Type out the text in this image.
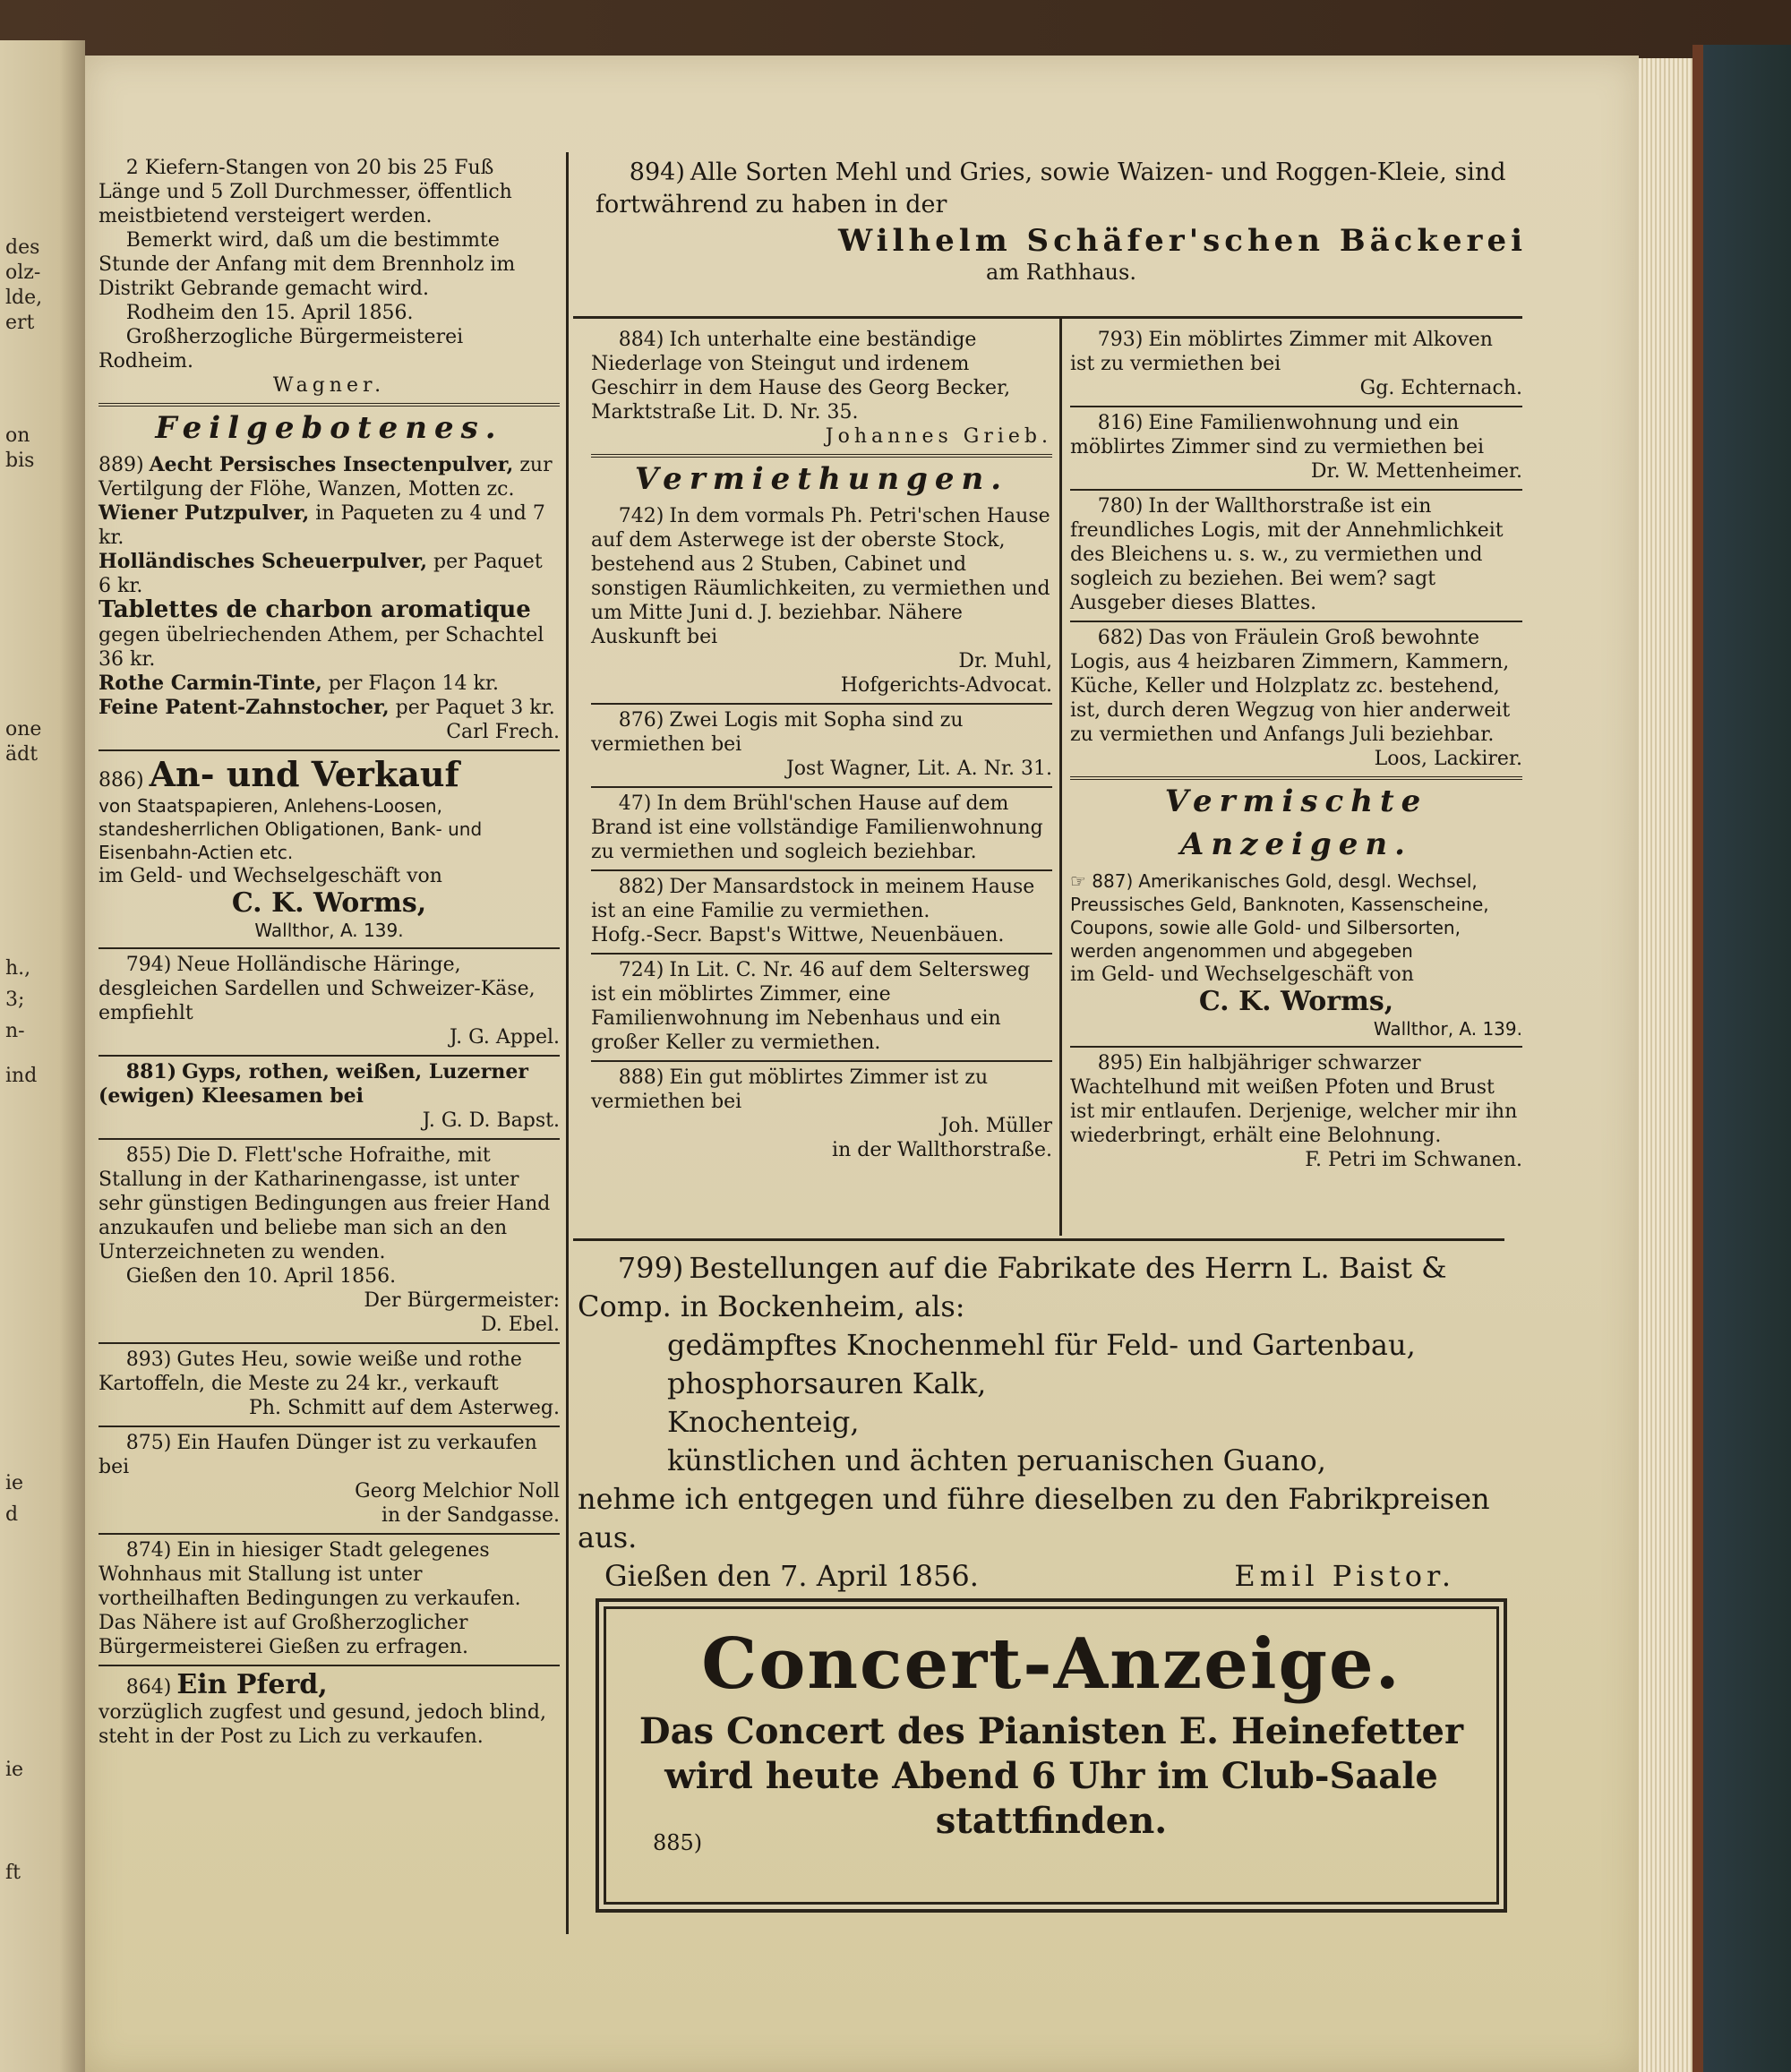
des
olz-
lde,
ert
on
bis
one
ädt
h.,
3;
n-
ind
ie
d
ie
ft

2 Kiefern-Stangen von 20 bis 25 Fuß Länge und 5 Zoll Durchmesser, öffentlich meistbietend versteigert werden.

Bemerkt wird, daß um die bestimmte Stunde der Anfang mit dem Brennholz im Distrikt Gebrande gemacht wird.

Rodheim den 15. April 1856.

Großherzogliche Bürgermeisterei Rodheim.

Wagner.

Feilgebotenes.

889) Aecht Persisches Insectenpulver, zur Vertilgung der Flöhe, Wanzen, Motten zc.

Wiener Putzpulver, in Paqueten zu 4 und 7 kr.

Holländisches Scheuerpulver, per Paquet 6 kr.

Tablettes de charbon aromatique gegen übelriechenden Athem, per Schachtel 36 kr.

Rothe Carmin-Tinte, per Flaçon 14 kr.

Feine Patent-Zahnstocher, per Paquet 3 kr.

Carl Frech.

886) An- und Verkauf

von Staatspapieren, Anlehens-Loosen, standesherrlichen Obligationen, Bank- und Eisenbahn-Actien etc.

im Geld- und Wechselgeschäft von

C. K. Worms,

Wallthor, A. 139.

794) Neue Holländische Häringe, desgleichen Sardellen und Schweizer-Käse, empfiehlt

J. G. Appel.

881) Gyps, rothen, weißen, Luzerner (ewigen) Kleesamen bei

J. G. D. Bapst.

855) Die D. Flett'sche Hofraithe, mit Stallung in der Katharinengasse, ist unter sehr günstigen Bedingungen aus freier Hand anzukaufen und beliebe man sich an den Unterzeichneten zu wenden.

Gießen den 10. April 1856.

Der Bürgermeister:

D. Ebel.

893) Gutes Heu, sowie weiße und rothe Kartoffeln, die Meste zu 24 kr., verkauft

Ph. Schmitt auf dem Asterweg.

875) Ein Haufen Dünger ist zu verkaufen bei

Georg Melchior Noll

in der Sandgasse.

874) Ein in hiesiger Stadt gelegenes Wohnhaus mit Stallung ist unter vortheilhaften Bedingungen zu verkaufen. Das Nähere ist auf Großherzoglicher Bürgermeisterei Gießen zu erfragen.

864) Ein Pferd,

vorzüglich zugfest und gesund, jedoch blind, steht in der Post zu Lich zu verkaufen.

894) Alle Sorten Mehl und Gries, sowie Waizen- und Roggen-Kleie, sind fortwährend zu haben in der

Wilhelm Schäfer'schen Bäckerei

am Rathhaus.

884) Ich unterhalte eine beständige Niederlage von Steingut und irdenem Geschirr in dem Hause des Georg Becker, Marktstraße Lit. D. Nr. 35.

Johannes Grieb.

Vermiethungen.

742) In dem vormals Ph. Petri'schen Hause auf dem Asterwege ist der oberste Stock, bestehend aus 2 Stuben, Cabinet und sonstigen Räumlichkeiten, zu vermiethen und um Mitte Juni d. J. beziehbar. Nähere Auskunft bei

Dr. Muhl,

Hofgerichts-Advocat.

876) Zwei Logis mit Sopha sind zu vermiethen bei

Jost Wagner, Lit. A. Nr. 31.

47) In dem Brühl'schen Hause auf dem Brand ist eine vollständige Familienwohnung zu vermiethen und sogleich beziehbar.

882) Der Mansardstock in meinem Hause ist an eine Familie zu vermiethen.

Hofg.-Secr. Bapst's Wittwe, Neuenbäuen.

724) In Lit. C. Nr. 46 auf dem Seltersweg ist ein möblirtes Zimmer, eine Familienwohnung im Nebenhaus und ein großer Keller zu vermiethen.

888) Ein gut möblirtes Zimmer ist zu vermiethen bei

Joh. Müller

in der Wallthorstraße.

793) Ein möblirtes Zimmer mit Alkoven ist zu vermiethen bei

Gg. Echternach.

816) Eine Familienwohnung und ein möblirtes Zimmer sind zu vermiethen bei

Dr. W. Mettenheimer.

780) In der Wallthorstraße ist ein freundliches Logis, mit der Annehmlichkeit des Bleichens u. s. w., zu vermiethen und sogleich zu beziehen. Bei wem? sagt Ausgeber dieses Blattes.

682) Das von Fräulein Groß bewohnte Logis, aus 4 heizbaren Zimmern, Kammern, Küche, Keller und Holzplatz zc. bestehend, ist, durch deren Wegzug von hier anderweit zu vermiethen und Anfangs Juli beziehbar.

Loos, Lackirer.

Vermischte Anzeigen.

☞ 887) Amerikanisches Gold, desgl. Wechsel, Preussisches Geld, Banknoten, Kassenscheine, Coupons, sowie alle Gold- und Silbersorten, werden angenommen und abgegeben

im Geld- und Wechselgeschäft von

C. K. Worms,

Wallthor, A. 139.

895) Ein halbjähriger schwarzer Wachtelhund mit weißen Pfoten und Brust ist mir entlaufen. Derjenige, welcher mir ihn wiederbringt, erhält eine Belohnung.

F. Petri im Schwanen.

799) Bestellungen auf die Fabrikate des Herrn L. Baist & Comp. in Bockenheim, als:

gedämpftes Knochenmehl für Feld- und Gartenbau,

phosphorsauren Kalk,

Knochenteig,

künstlichen und ächten peruanischen Guano,

nehme ich entgegen und führe dieselben zu den Fabrikpreisen aus.

Gießen den 7. April 1856.	Emil Pistor.

Concert-Anzeige.
Das Concert des Pianisten E. Heinefetter
wird heute Abend 6 Uhr im Club-Saale
stattfinden.
885)
